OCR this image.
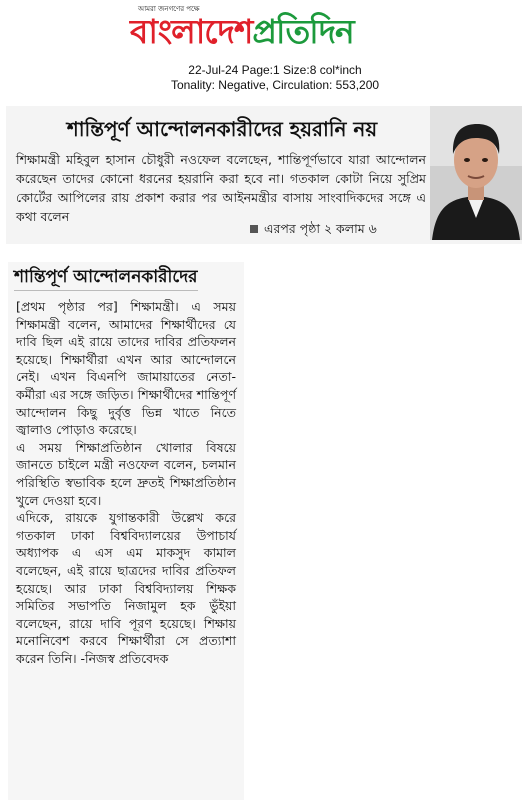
আমরা জনগণের পক্ষে
বাংলাদেশপ্রতিদিন
22-Jul-24 Page:1 Size:8 col*inch
Tonality: Negative, Circulation: 553,200
শান্তিপূর্ণ আন্দোলনকারীদের হয়রানি নয়
শিক্ষামন্ত্রী মহিবুল হাসান চৌধুরী নওফেল বলেছেন, শান্তিপূর্ণভাবে যারা আন্দোলন করেছেন তাদের কোনো ধরনের হয়রানি করা হবে না। গতকাল কোটা নিয়ে সুপ্রিম কোর্টের আপিলের রায় প্রকাশ করার পর আইনমন্ত্রীর বাসায় সাংবাদিকদের সঙ্গে এ কথা বলেন
এরপর পৃষ্ঠা ২ কলাম ৬
শান্তিপূর্ণ আন্দোলনকারীদের

[প্রথম পৃষ্ঠার পর] শিক্ষামন্ত্রী। এ সময় শিক্ষামন্ত্রী বলেন, আমাদের শিক্ষার্থীদের যে দাবি ছিল এই রায়ে তাদের দাবির প্রতিফলন হয়েছে। শিক্ষার্থীরা এখন আর আন্দোলনে নেই। এখন বিএনপি জামায়াতের নেতা-কর্মীরা এর সঙ্গে জড়িত। শিক্ষার্থীদের শান্তিপূর্ণ আন্দোলন কিছু দুর্বৃত্ত ভিন্ন খাতে নিতে জ্বালাও পোড়াও করেছে।

এ সময় শিক্ষাপ্রতিষ্ঠান খোলার বিষয়ে জানতে চাইলে মন্ত্রী নওফেল বলেন, চলমান পরিস্থিতি স্বভাবিক হলে দ্রুতই শিক্ষাপ্রতিষ্ঠান খুলে দেওয়া হবে।

এদিকে, রায়কে যুগান্তকারী উল্লেখ করে গতকাল ঢাকা বিশ্ববিদ্যালয়ের উপাচার্য অধ্যাপক এ এস এম মাকসুদ কামাল বলেছেন, এই রায়ে ছাত্রদের দাবির প্রতিফল হয়েছে। আর ঢাকা বিশ্ববিদ্যালয় শিক্ষক সমিতির সভাপতি নিজামুল হক ভুঁইয়া বলেছেন, রায়ে দাবি পূরণ হয়েছে। শিক্ষায় মনোনিবেশ করবে শিক্ষার্থীরা সে প্রত্যাশা করেন তিনি। -নিজস্ব প্রতিবেদক
